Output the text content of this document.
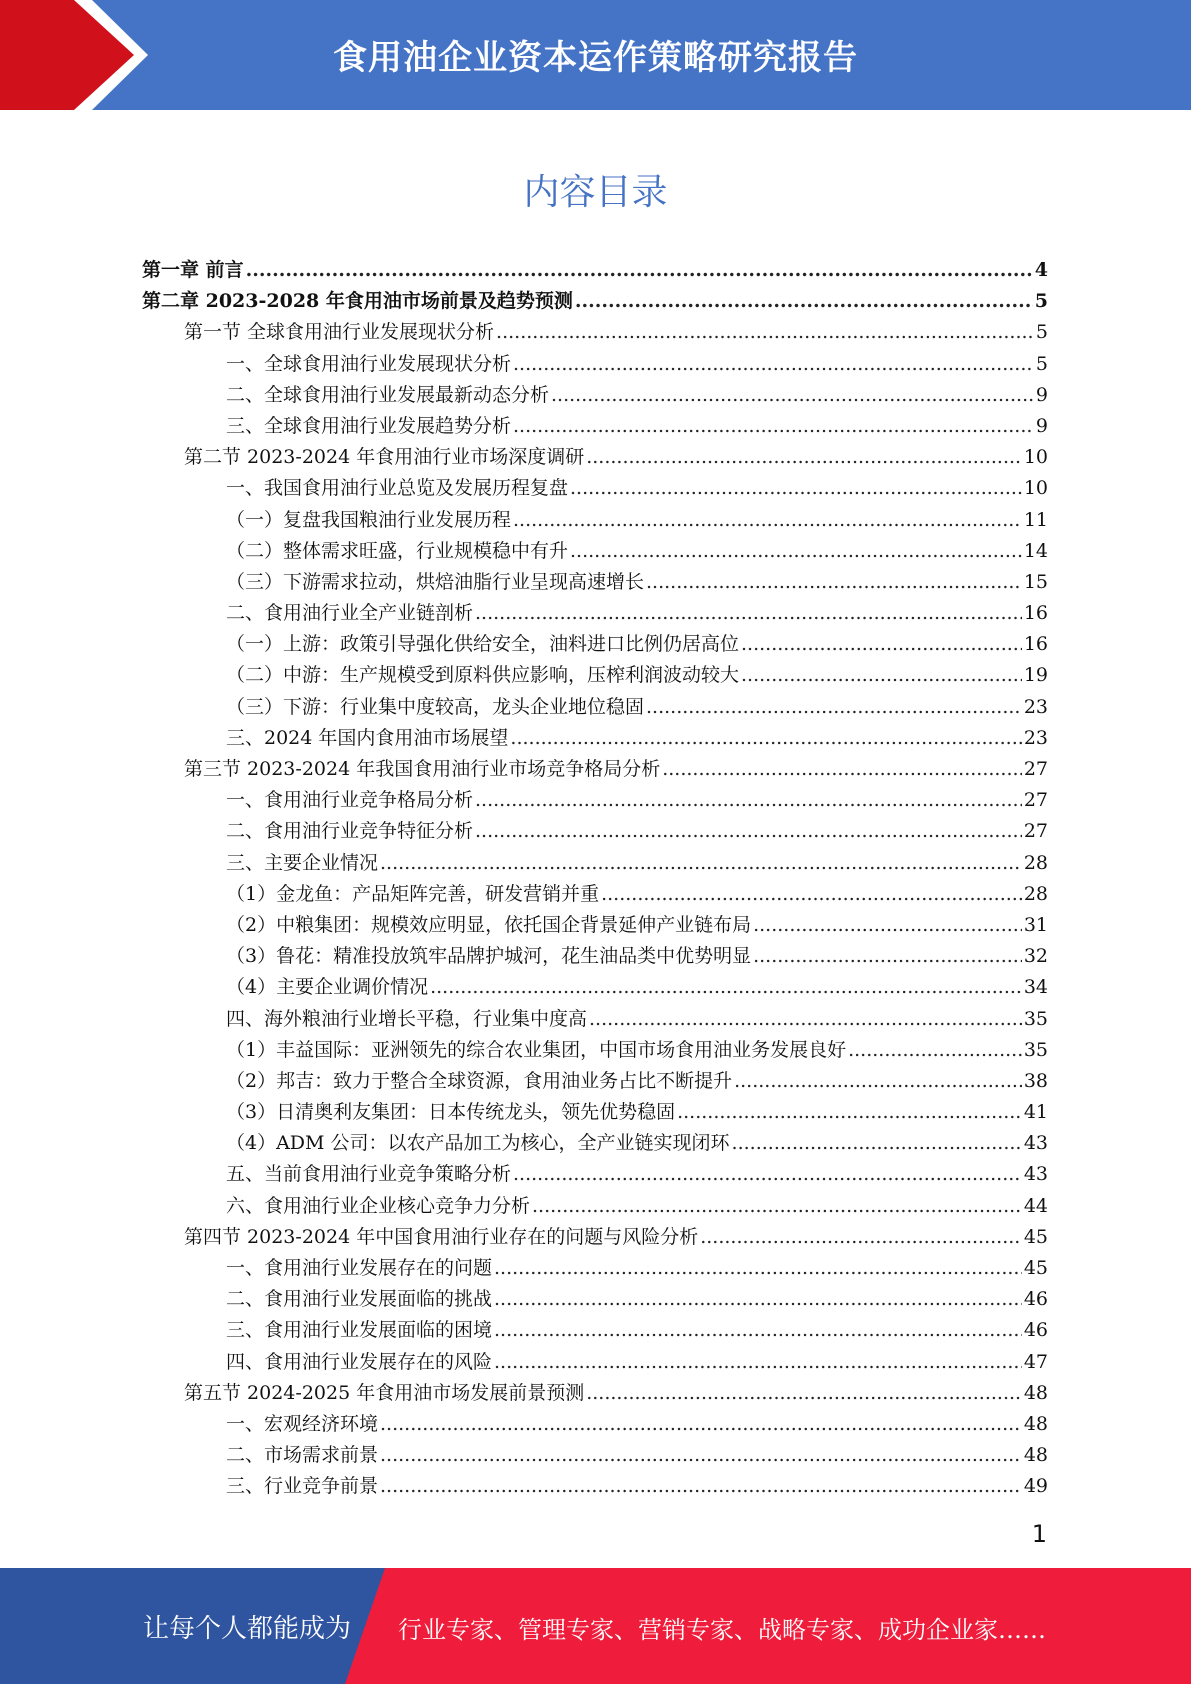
食用油企业资本运作策略研究报告
内容目录
第一章 前言 .....	4
第二章 2023-2028 年食用油市场前景及趋势预测 .....	5
第一节 全球食用油行业发展现状分析 .....	5
一、全球食用油行业发展现状分析 .....	5
二、全球食用油行业发展最新动态分析 .....	9
三、全球食用油行业发展趋势分析 .....	9
第二节 2023-2024 年食用油行业市场深度调研 .....	10
一、我国食用油行业总览及发展历程复盘 .....	10
（一）复盘我国粮油行业发展历程 .....	11
（二）整体需求旺盛，行业规模稳中有升 .....	14
（三）下游需求拉动，烘焙油脂行业呈现高速增长 .....	15
二、食用油行业全产业链剖析 .....	16
（一）上游：政策引导强化供给安全，油料进口比例仍居高位 .....	16
（二）中游：生产规模受到原料供应影响，压榨利润波动较大 .....	19
（三）下游：行业集中度较高，龙头企业地位稳固 .....	23
三、2024 年国内食用油市场展望 .....	23
第三节 2023-2024 年我国食用油行业市场竞争格局分析 .....	27
一、食用油行业竞争格局分析 .....	27
二、食用油行业竞争特征分析 .....	27
三、主要企业情况 .....	28
（1）金龙鱼：产品矩阵完善，研发营销并重 .....	28
（2）中粮集团：规模效应明显，依托国企背景延伸产业链布局 .....	31
（3）鲁花：精准投放筑牢品牌护城河，花生油品类中优势明显 .....	32
（4）主要企业调价情况 .....	34
四、海外粮油行业增长平稳，行业集中度高 .....	35
（1）丰益国际：亚洲领先的综合农业集团，中国市场食用油业务发展良好 .....	35
（2）邦吉：致力于整合全球资源，食用油业务占比不断提升 .....	38
（3）日清奥利友集团：日本传统龙头，领先优势稳固 .....	41
（4）ADM 公司：以农产品加工为核心，全产业链实现闭环 .....	43
五、当前食用油行业竞争策略分析 .....	43
六、食用油行业企业核心竞争力分析 .....	44
第四节 2023-2024 年中国食用油行业存在的问题与风险分析 .....	45
一、食用油行业发展存在的问题 .....	45
二、食用油行业发展面临的挑战 .....	46
三、食用油行业发展面临的困境 .....	46
四、食用油行业发展存在的风险 .....	47
第五节 2024-2025 年食用油市场发展前景预测 .....	48
一、宏观经济环境 .....	48
二、市场需求前景 .....	48
三、行业竞争前景 .....	49
1
让每个人都能成为 行业专家、管理专家、营销专家、战略专家、成功企业家……
